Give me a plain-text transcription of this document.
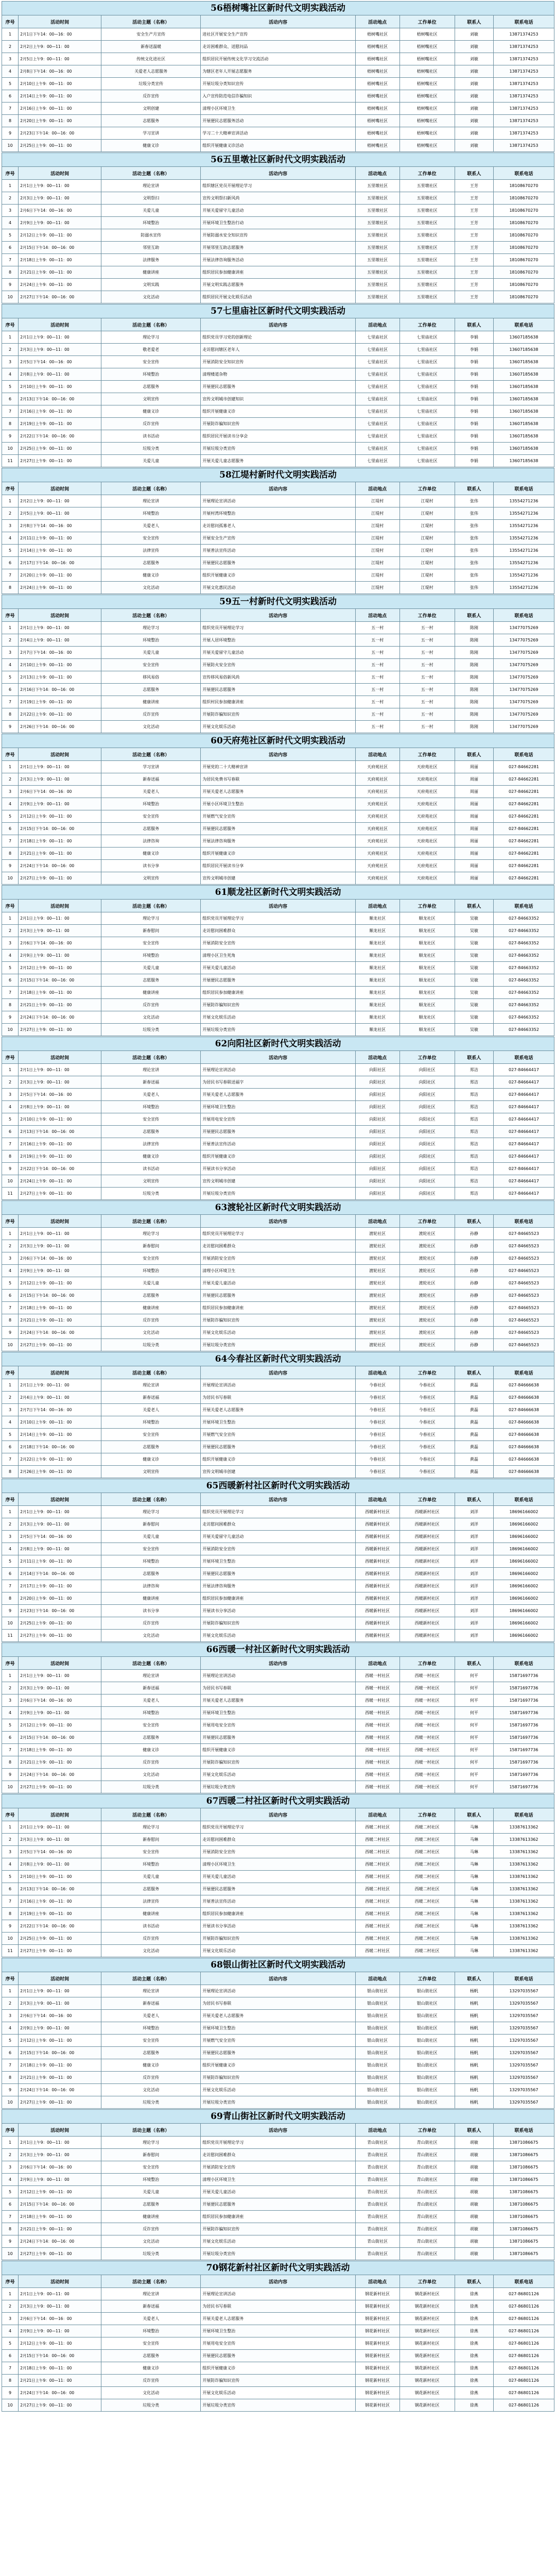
56梧树嘴社区新时代文明实践活动
序号	活动时间	活动主题（名称）	活动内容	活动地点	工作单位	联系人	联系电话
1	2月1日下午14：00—16：00	安全生产月宣传	进社区开展安全生产宣传	梧树嘴社区	梧树嘴社区	刘敏	13871374253
2	2月2日上午9：00—11：00	新春送温暖	走访困难群众、送慰问品	梧树嘴社区	梧树嘴社区	刘敏	13871374253
3	2月5日上午9：00—11：00	传统文化进社区	组织居民开展传统文化学习交流活动	梧树嘴社区	梧树嘴社区	刘敏	13871374253
4	2月8日下午14：00—16：00	关爱老人志愿服务	为辖区老年人开展志愿服务	梧树嘴社区	梧树嘴社区	刘敏	13871374253
5	2月10日上午9：00—11：00	垃圾分类宣传	开展垃圾分类知识宣传	梧树嘴社区	梧树嘴社区	刘敏	13871374253
6	2月14日上午9：00—11：00	反诈宣传	入户宣传防范电信诈骗知识	梧树嘴社区	梧树嘴社区	刘敏	13871374253
7	2月16日上午9：00—11：00	文明创建	清理小区环境卫生	梧树嘴社区	梧树嘴社区	刘敏	13871374253
8	2月20日上午9：00—11：00	志愿服务	开展便民志愿服务活动	梧树嘴社区	梧树嘴社区	刘敏	13871374253
9	2月23日下午14：00—16：00	学习宣讲	学习二十大精神宣讲活动	梧树嘴社区	梧树嘴社区	刘敏	13871374253
10	2月25日上午9：00—11：00	健康义诊	组织开展健康义诊活动	梧树嘴社区	梧树嘴社区	刘敏	13871374253
56五里墩社区新时代文明实践活动
序号	活动时间	活动主题（名称）	活动内容	活动地点	工作单位	联系人	联系电话
1	2月1日上午9：00—11：00	理论宣讲	组织辖区党员开展理论学习	五里墩社区	五里墩社区	王芳	18108670270
2	2月3日上午9：00—11：00	文明祭扫	宣传文明祭扫新风尚	五里墩社区	五里墩社区	王芳	18108670270
3	2月6日下午14：00—16：00	关爱儿童	开展关爱留守儿童活动	五里墩社区	五里墩社区	王芳	18108670270
4	2月9日上午9：00—11：00	环境整治	开展环境卫生整治行动	五里墩社区	五里墩社区	王芳	18108670270
5	2月12日上午9：00—11：00	防溺水宣传	开展防溺水安全知识宣传	五里墩社区	五里墩社区	王芳	18108670270
6	2月15日下午14：00—16：00	邻里互助	开展邻里互助志愿服务	五里墩社区	五里墩社区	王芳	18108670270
7	2月18日上午9：00—11：00	法律服务	开展法律咨询服务活动	五里墩社区	五里墩社区	王芳	18108670270
8	2月21日上午9：00—11：00	健康讲座	组织居民参加健康讲座	五里墩社区	五里墩社区	王芳	18108670270
9	2月24日上午9：00—11：00	文明实践	开展文明实践志愿服务	五里墩社区	五里墩社区	王芳	18108670270
10	2月27日下午14：00—16：00	文化活动	组织居民开展文化娱乐活动	五里墩社区	五里墩社区	王芳	18108670270
57七里庙社区新时代文明实践活动
序号	活动时间	活动主题（名称）	活动内容	活动地点	工作单位	联系人	联系电话
1	2月1日上午9：00—11：00	理论学习	组织党员学习党的创新理论	七里庙社区	七里庙社区	李娟	13607185638
2	2月3日上午9：00—11：00	敬老爱老	走访慰问辖区老年人	七里庙社区	七里庙社区	李娟	13607185638
3	2月5日下午14：00—16：00	安全宣传	开展消防安全知识宣传	七里庙社区	七里庙社区	李娟	13607185638
4	2月8日上午9：00—11：00	环境整治	清理楼道杂物	七里庙社区	七里庙社区	李娟	13607185638
5	2月10日上午9：00—11：00	志愿服务	开展便民志愿服务	七里庙社区	七里庙社区	李娟	13607185638
6	2月13日下午14：00—16：00	文明宣传	宣传文明城市创建知识	七里庙社区	七里庙社区	李娟	13607185638
7	2月16日上午9：00—11：00	健康义诊	组织开展健康义诊	七里庙社区	七里庙社区	李娟	13607185638
8	2月19日上午9：00—11：00	反诈宣传	开展防诈骗知识宣传	七里庙社区	七里庙社区	李娟	13607185638
9	2月22日下午14：00—16：00	读书活动	组织居民开展读书分享会	七里庙社区	七里庙社区	李娟	13607185638
10	2月25日上午9：00—11：00	垃圾分类	开展垃圾分类宣传	七里庙社区	七里庙社区	李娟	13607185638
11	2月27日上午9：00—11：00	关爱儿童	开展关爱儿童志愿服务	七里庙社区	七里庙社区	李娟	13607185638
58江堤村新时代文明实践活动
序号	活动时间	活动主题（名称）	活动内容	活动地点	工作单位	联系人	联系电话
1	2月2日上午9：00—11：00	理论宣讲	开展理论宣讲活动	江堤村	江堤村	张伟	13554271236
2	2月5日上午9：00—11：00	环境整治	开展村湾环境整治	江堤村	江堤村	张伟	13554271236
3	2月8日下午14：00—16：00	关爱老人	走访慰问孤寡老人	江堤村	江堤村	张伟	13554271236
4	2月11日上午9：00—11：00	安全宣传	开展安全生产宣传	江堤村	江堤村	张伟	13554271236
5	2月14日上午9：00—11：00	法律宣传	开展普法宣传活动	江堤村	江堤村	张伟	13554271236
6	2月17日下午14：00—16：00	志愿服务	开展便民志愿服务	江堤村	江堤村	张伟	13554271236
7	2月20日上午9：00—11：00	健康义诊	组织开展健康义诊	江堤村	江堤村	张伟	13554271236
8	2月24日上午9：00—11：00	文化活动	开展文化惠民活动	江堤村	江堤村	张伟	13554271236
59五一村新时代文明实践活动
序号	活动时间	活动主题（名称）	活动内容	活动地点	工作单位	联系人	联系电话
1	2月1日上午9：00—11：00	理论学习	组织党员开展理论学习	五一村	五一村	陈刚	13477075269
2	2月4日上午9：00—11：00	环境整治	开展人居环境整治	五一村	五一村	陈刚	13477075269
3	2月7日下午14：00—16：00	关爱儿童	开展关爱留守儿童活动	五一村	五一村	陈刚	13477075269
4	2月10日上午9：00—11：00	安全宣传	开展防火安全宣传	五一村	五一村	陈刚	13477075269
5	2月13日上午9：00—11：00	移风易俗	宣传移风易俗新风尚	五一村	五一村	陈刚	13477075269
6	2月16日下午14：00—16：00	志愿服务	开展便民志愿服务	五一村	五一村	陈刚	13477075269
7	2月19日上午9：00—11：00	健康讲座	组织村民参加健康讲座	五一村	五一村	陈刚	13477075269
8	2月22日上午9：00—11：00	反诈宣传	开展防诈骗知识宣传	五一村	五一村	陈刚	13477075269
9	2月26日下午14：00—16：00	文化活动	开展文化娱乐活动	五一村	五一村	陈刚	13477075269
60天府苑社区新时代文明实践活动
序号	活动时间	活动主题（名称）	活动内容	活动地点	工作单位	联系人	联系电话
1	2月1日上午9：00—11：00	学习宣讲	开展党的二十大精神宣讲	天府苑社区	天府苑社区	周丽	027-84662281
2	2月3日上午9：00—11：00	新春送福	为居民免费书写春联	天府苑社区	天府苑社区	周丽	027-84662281
3	2月6日下午14：00—16：00	关爱老人	开展关爱老人志愿服务	天府苑社区	天府苑社区	周丽	027-84662281
4	2月9日上午9：00—11：00	环境整治	开展小区环境卫生整治	天府苑社区	天府苑社区	周丽	027-84662281
5	2月12日上午9：00—11：00	安全宣传	开展燃气安全宣传	天府苑社区	天府苑社区	周丽	027-84662281
6	2月15日下午14：00—16：00	志愿服务	开展便民志愿服务	天府苑社区	天府苑社区	周丽	027-84662281
7	2月18日上午9：00—11：00	法律咨询	开展法律咨询服务	天府苑社区	天府苑社区	周丽	027-84662281
8	2月21日上午9：00—11：00	健康义诊	组织开展健康义诊	天府苑社区	天府苑社区	周丽	027-84662281
9	2月24日下午14：00—16：00	读书分享	组织居民开展读书分享	天府苑社区	天府苑社区	周丽	027-84662281
10	2月27日上午9：00—11：00	文明宣传	宣传文明城市创建	天府苑社区	天府苑社区	周丽	027-84662281
61顺龙社区新时代文明实践活动
序号	活动时间	活动主题（名称）	活动内容	活动地点	工作单位	联系人	联系电话
1	2月1日上午9：00—11：00	理论学习	组织党员开展理论学习	顺龙社区	顺龙社区	吴敏	027-84663352
2	2月3日上午9：00—11：00	新春慰问	走访慰问困难群众	顺龙社区	顺龙社区	吴敏	027-84663352
3	2月6日下午14：00—16：00	安全宣传	开展消防安全宣传	顺龙社区	顺龙社区	吴敏	027-84663352
4	2月9日上午9：00—11：00	环境整治	清理小区卫生死角	顺龙社区	顺龙社区	吴敏	027-84663352
5	2月12日上午9：00—11：00	关爱儿童	开展关爱儿童活动	顺龙社区	顺龙社区	吴敏	027-84663352
6	2月15日下午14：00—16：00	志愿服务	开展便民志愿服务	顺龙社区	顺龙社区	吴敏	027-84663352
7	2月18日上午9：00—11：00	健康讲座	组织居民参加健康讲座	顺龙社区	顺龙社区	吴敏	027-84663352
8	2月21日上午9：00—11：00	反诈宣传	开展防诈骗知识宣传	顺龙社区	顺龙社区	吴敏	027-84663352
9	2月24日下午14：00—16：00	文化活动	开展文化娱乐活动	顺龙社区	顺龙社区	吴敏	027-84663352
10	2月27日上午9：00—11：00	垃圾分类	开展垃圾分类宣传	顺龙社区	顺龙社区	吴敏	027-84663352
62向阳社区新时代文明实践活动
序号	活动时间	活动主题（名称）	活动内容	活动地点	工作单位	联系人	联系电话
1	2月1日上午9：00—11：00	理论宣讲	开展理论宣讲活动	向阳社区	向阳社区	郑洁	027-84664417
2	2月3日上午9：00—11：00	新春送福	为居民书写春联送福字	向阳社区	向阳社区	郑洁	027-84664417
3	2月5日下午14：00—16：00	关爱老人	开展关爱老人志愿服务	向阳社区	向阳社区	郑洁	027-84664417
4	2月8日上午9：00—11：00	环境整治	开展环境卫生整治	向阳社区	向阳社区	郑洁	027-84664417
5	2月10日上午9：00—11：00	安全宣传	开展用电安全宣传	向阳社区	向阳社区	郑洁	027-84664417
6	2月13日下午14：00—16：00	志愿服务	开展便民志愿服务	向阳社区	向阳社区	郑洁	027-84664417
7	2月16日上午9：00—11：00	法律宣传	开展普法宣传活动	向阳社区	向阳社区	郑洁	027-84664417
8	2月19日上午9：00—11：00	健康义诊	组织开展健康义诊	向阳社区	向阳社区	郑洁	027-84664417
9	2月22日下午14：00—16：00	读书活动	开展读书分享活动	向阳社区	向阳社区	郑洁	027-84664417
10	2月24日上午9：00—11：00	文明宣传	宣传文明城市创建	向阳社区	向阳社区	郑洁	027-84664417
11	2月27日上午9：00—11：00	垃圾分类	开展垃圾分类宣传	向阳社区	向阳社区	郑洁	027-84664417
63渡轮社区新时代文明实践活动
序号	活动时间	活动主题（名称）	活动内容	活动地点	工作单位	联系人	联系电话
1	2月1日上午9：00—11：00	理论学习	组织党员开展理论学习	渡轮社区	渡轮社区	孙静	027-84665523
2	2月3日上午9：00—11：00	新春慰问	走访慰问困难群众	渡轮社区	渡轮社区	孙静	027-84665523
3	2月6日下午14：00—16：00	安全宣传	开展消防安全宣传	渡轮社区	渡轮社区	孙静	027-84665523
4	2月9日上午9：00—11：00	环境整治	清理小区环境卫生	渡轮社区	渡轮社区	孙静	027-84665523
5	2月12日上午9：00—11：00	关爱儿童	开展关爱儿童活动	渡轮社区	渡轮社区	孙静	027-84665523
6	2月15日下午14：00—16：00	志愿服务	开展便民志愿服务	渡轮社区	渡轮社区	孙静	027-84665523
7	2月18日上午9：00—11：00	健康讲座	组织居民参加健康讲座	渡轮社区	渡轮社区	孙静	027-84665523
8	2月21日上午9：00—11：00	反诈宣传	开展防诈骗知识宣传	渡轮社区	渡轮社区	孙静	027-84665523
9	2月24日下午14：00—16：00	文化活动	开展文化娱乐活动	渡轮社区	渡轮社区	孙静	027-84665523
10	2月27日上午9：00—11：00	垃圾分类	开展垃圾分类宣传	渡轮社区	渡轮社区	孙静	027-84665523
64今春社区新时代文明实践活动
序号	活动时间	活动主题（名称）	活动内容	活动地点	工作单位	联系人	联系电话
1	2月1日上午9：00—11：00	理论宣讲	开展理论宣讲活动	今春社区	今春社区	黄磊	027-84666638
2	2月4日上午9：00—11：00	新春送福	为居民书写春联	今春社区	今春社区	黄磊	027-84666638
3	2月7日下午14：00—16：00	关爱老人	开展关爱老人志愿服务	今春社区	今春社区	黄磊	027-84666638
4	2月10日上午9：00—11：00	环境整治	开展环境卫生整治	今春社区	今春社区	黄磊	027-84666638
5	2月14日上午9：00—11：00	安全宣传	开展燃气安全宣传	今春社区	今春社区	黄磊	027-84666638
6	2月18日下午14：00—16：00	志愿服务	开展便民志愿服务	今春社区	今春社区	黄磊	027-84666638
7	2月22日上午9：00—11：00	健康义诊	组织开展健康义诊	今春社区	今春社区	黄磊	027-84666638
8	2月26日上午9：00—11：00	文明宣传	宣传文明城市创建	今春社区	今春社区	黄磊	027-84666638
65西暖新村社区新时代文明实践活动
序号	活动时间	活动主题（名称）	活动内容	活动地点	工作单位	联系人	联系电话
1	2月1日上午9：00—11：00	理论学习	组织党员开展理论学习	西暖新村社区	西暖新村社区	刘洋	18696166002
2	2月3日上午9：00—11：00	新春慰问	走访慰问困难群众	西暖新村社区	西暖新村社区	刘洋	18696166002
3	2月5日下午14：00—16：00	关爱儿童	开展关爱留守儿童活动	西暖新村社区	西暖新村社区	刘洋	18696166002
4	2月8日上午9：00—11：00	安全宣传	开展消防安全宣传	西暖新村社区	西暖新村社区	刘洋	18696166002
5	2月11日上午9：00—11：00	环境整治	开展环境卫生整治	西暖新村社区	西暖新村社区	刘洋	18696166002
6	2月14日下午14：00—16：00	志愿服务	开展便民志愿服务	西暖新村社区	西暖新村社区	刘洋	18696166002
7	2月17日上午9：00—11：00	法律咨询	开展法律咨询服务	西暖新村社区	西暖新村社区	刘洋	18696166002
8	2月20日上午9：00—11：00	健康讲座	组织居民参加健康讲座	西暖新村社区	西暖新村社区	刘洋	18696166002
9	2月23日下午14：00—16：00	读书分享	开展读书分享活动	西暖新村社区	西暖新村社区	刘洋	18696166002
10	2月25日上午9：00—11：00	反诈宣传	开展防诈骗知识宣传	西暖新村社区	西暖新村社区	刘洋	18696166002
11	2月27日上午9：00—11：00	文化活动	开展文化娱乐活动	西暖新村社区	西暖新村社区	刘洋	18696166002
66西暖一村社区新时代文明实践活动
序号	活动时间	活动主题（名称）	活动内容	活动地点	工作单位	联系人	联系电话
1	2月1日上午9：00—11：00	理论宣讲	开展理论宣讲活动	西暖一村社区	西暖一村社区	何平	15871697736
2	2月3日上午9：00—11：00	新春送福	为居民书写春联	西暖一村社区	西暖一村社区	何平	15871697736
3	2月6日下午14：00—16：00	关爱老人	开展关爱老人志愿服务	西暖一村社区	西暖一村社区	何平	15871697736
4	2月9日上午9：00—11：00	环境整治	开展环境卫生整治	西暖一村社区	西暖一村社区	何平	15871697736
5	2月12日上午9：00—11：00	安全宣传	开展用电安全宣传	西暖一村社区	西暖一村社区	何平	15871697736
6	2月15日下午14：00—16：00	志愿服务	开展便民志愿服务	西暖一村社区	西暖一村社区	何平	15871697736
7	2月18日上午9：00—11：00	健康义诊	组织开展健康义诊	西暖一村社区	西暖一村社区	何平	15871697736
8	2月21日上午9：00—11：00	反诈宣传	开展防诈骗知识宣传	西暖一村社区	西暖一村社区	何平	15871697736
9	2月24日下午14：00—16：00	文化活动	开展文化娱乐活动	西暖一村社区	西暖一村社区	何平	15871697736
10	2月27日上午9：00—11：00	垃圾分类	开展垃圾分类宣传	西暖一村社区	西暖一村社区	何平	15871697736
67西暖二村社区新时代文明实践活动
序号	活动时间	活动主题（名称）	活动内容	活动地点	工作单位	联系人	联系电话
1	2月1日上午9：00—11：00	理论学习	组织党员开展理论学习	西暖二村社区	西暖二村社区	马琳	13387613362
2	2月3日上午9：00—11：00	新春慰问	走访慰问困难群众	西暖二村社区	西暖二村社区	马琳	13387613362
3	2月5日下午14：00—16：00	安全宣传	开展消防安全宣传	西暖二村社区	西暖二村社区	马琳	13387613362
4	2月8日上午9：00—11：00	环境整治	清理小区环境卫生	西暖二村社区	西暖二村社区	马琳	13387613362
5	2月10日上午9：00—11：00	关爱儿童	开展关爱儿童活动	西暖二村社区	西暖二村社区	马琳	13387613362
6	2月13日下午14：00—16：00	志愿服务	开展便民志愿服务	西暖二村社区	西暖二村社区	马琳	13387613362
7	2月16日上午9：00—11：00	法律宣传	开展普法宣传活动	西暖二村社区	西暖二村社区	马琳	13387613362
8	2月19日上午9：00—11：00	健康讲座	组织居民参加健康讲座	西暖二村社区	西暖二村社区	马琳	13387613362
9	2月22日下午14：00—16：00	读书活动	开展读书分享活动	西暖二村社区	西暖二村社区	马琳	13387613362
10	2月25日上午9：00—11：00	反诈宣传	开展防诈骗知识宣传	西暖二村社区	西暖二村社区	马琳	13387613362
11	2月27日上午9：00—11：00	文化活动	开展文化娱乐活动	西暖二村社区	西暖二村社区	马琳	13387613362
68银山街社区新时代文明实践活动
序号	活动时间	活动主题（名称）	活动内容	活动地点	工作单位	联系人	联系电话
1	2月1日上午9：00—11：00	理论宣讲	开展理论宣讲活动	银山街社区	银山街社区	杨帆	13297035567
2	2月3日上午9：00—11：00	新春送福	为居民书写春联	银山街社区	银山街社区	杨帆	13297035567
3	2月6日下午14：00—16：00	关爱老人	开展关爱老人志愿服务	银山街社区	银山街社区	杨帆	13297035567
4	2月9日上午9：00—11：00	环境整治	开展环境卫生整治	银山街社区	银山街社区	杨帆	13297035567
5	2月12日上午9：00—11：00	安全宣传	开展燃气安全宣传	银山街社区	银山街社区	杨帆	13297035567
6	2月15日下午14：00—16：00	志愿服务	开展便民志愿服务	银山街社区	银山街社区	杨帆	13297035567
7	2月18日上午9：00—11：00	健康义诊	组织开展健康义诊	银山街社区	银山街社区	杨帆	13297035567
8	2月21日上午9：00—11：00	反诈宣传	开展防诈骗知识宣传	银山街社区	银山街社区	杨帆	13297035567
9	2月24日下午14：00—16：00	文化活动	开展文化娱乐活动	银山街社区	银山街社区	杨帆	13297035567
10	2月27日上午9：00—11：00	垃圾分类	开展垃圾分类宣传	银山街社区	银山街社区	杨帆	13297035567
69青山街社区新时代文明实践活动
序号	活动时间	活动主题（名称）	活动内容	活动地点	工作单位	联系人	联系电话
1	2月1日上午9：00—11：00	理论学习	组织党员开展理论学习	青山街社区	青山街社区	胡敏	13871086675
2	2月3日上午9：00—11：00	新春慰问	走访慰问困难群众	青山街社区	青山街社区	胡敏	13871086675
3	2月6日下午14：00—16：00	安全宣传	开展消防安全宣传	青山街社区	青山街社区	胡敏	13871086675
4	2月9日上午9：00—11：00	环境整治	清理小区环境卫生	青山街社区	青山街社区	胡敏	13871086675
5	2月12日上午9：00—11：00	关爱儿童	开展关爱儿童活动	青山街社区	青山街社区	胡敏	13871086675
6	2月15日下午14：00—16：00	志愿服务	开展便民志愿服务	青山街社区	青山街社区	胡敏	13871086675
7	2月18日上午9：00—11：00	健康讲座	组织居民参加健康讲座	青山街社区	青山街社区	胡敏	13871086675
8	2月21日上午9：00—11：00	反诈宣传	开展防诈骗知识宣传	青山街社区	青山街社区	胡敏	13871086675
9	2月24日下午14：00—16：00	文化活动	开展文化娱乐活动	青山街社区	青山街社区	胡敏	13871086675
10	2月27日上午9：00—11：00	垃圾分类	开展垃圾分类宣传	青山街社区	青山街社区	胡敏	13871086675
70钢花新村社区新时代文明实践活动
序号	活动时间	活动主题（名称）	活动内容	活动地点	工作单位	联系人	联系电话
1	2月1日上午9：00—11：00	理论宣讲	开展理论宣讲活动	钢花新村社区	钢花新村社区	徐燕	027-86801126
2	2月3日上午9：00—11：00	新春送福	为居民书写春联	钢花新村社区	钢花新村社区	徐燕	027-86801126
3	2月6日下午14：00—16：00	关爱老人	开展关爱老人志愿服务	钢花新村社区	钢花新村社区	徐燕	027-86801126
4	2月9日上午9：00—11：00	环境整治	开展环境卫生整治	钢花新村社区	钢花新村社区	徐燕	027-86801126
5	2月12日上午9：00—11：00	安全宣传	开展用电安全宣传	钢花新村社区	钢花新村社区	徐燕	027-86801126
6	2月15日下午14：00—16：00	志愿服务	开展便民志愿服务	钢花新村社区	钢花新村社区	徐燕	027-86801126
7	2月18日上午9：00—11：00	健康义诊	组织开展健康义诊	钢花新村社区	钢花新村社区	徐燕	027-86801126
8	2月21日上午9：00—11：00	反诈宣传	开展防诈骗知识宣传	钢花新村社区	钢花新村社区	徐燕	027-86801126
9	2月24日下午14：00—16：00	文化活动	开展文化娱乐活动	钢花新村社区	钢花新村社区	徐燕	027-86801126
10	2月27日上午9：00—11：00	垃圾分类	开展垃圾分类宣传	钢花新村社区	钢花新村社区	徐燕	027-86801126
